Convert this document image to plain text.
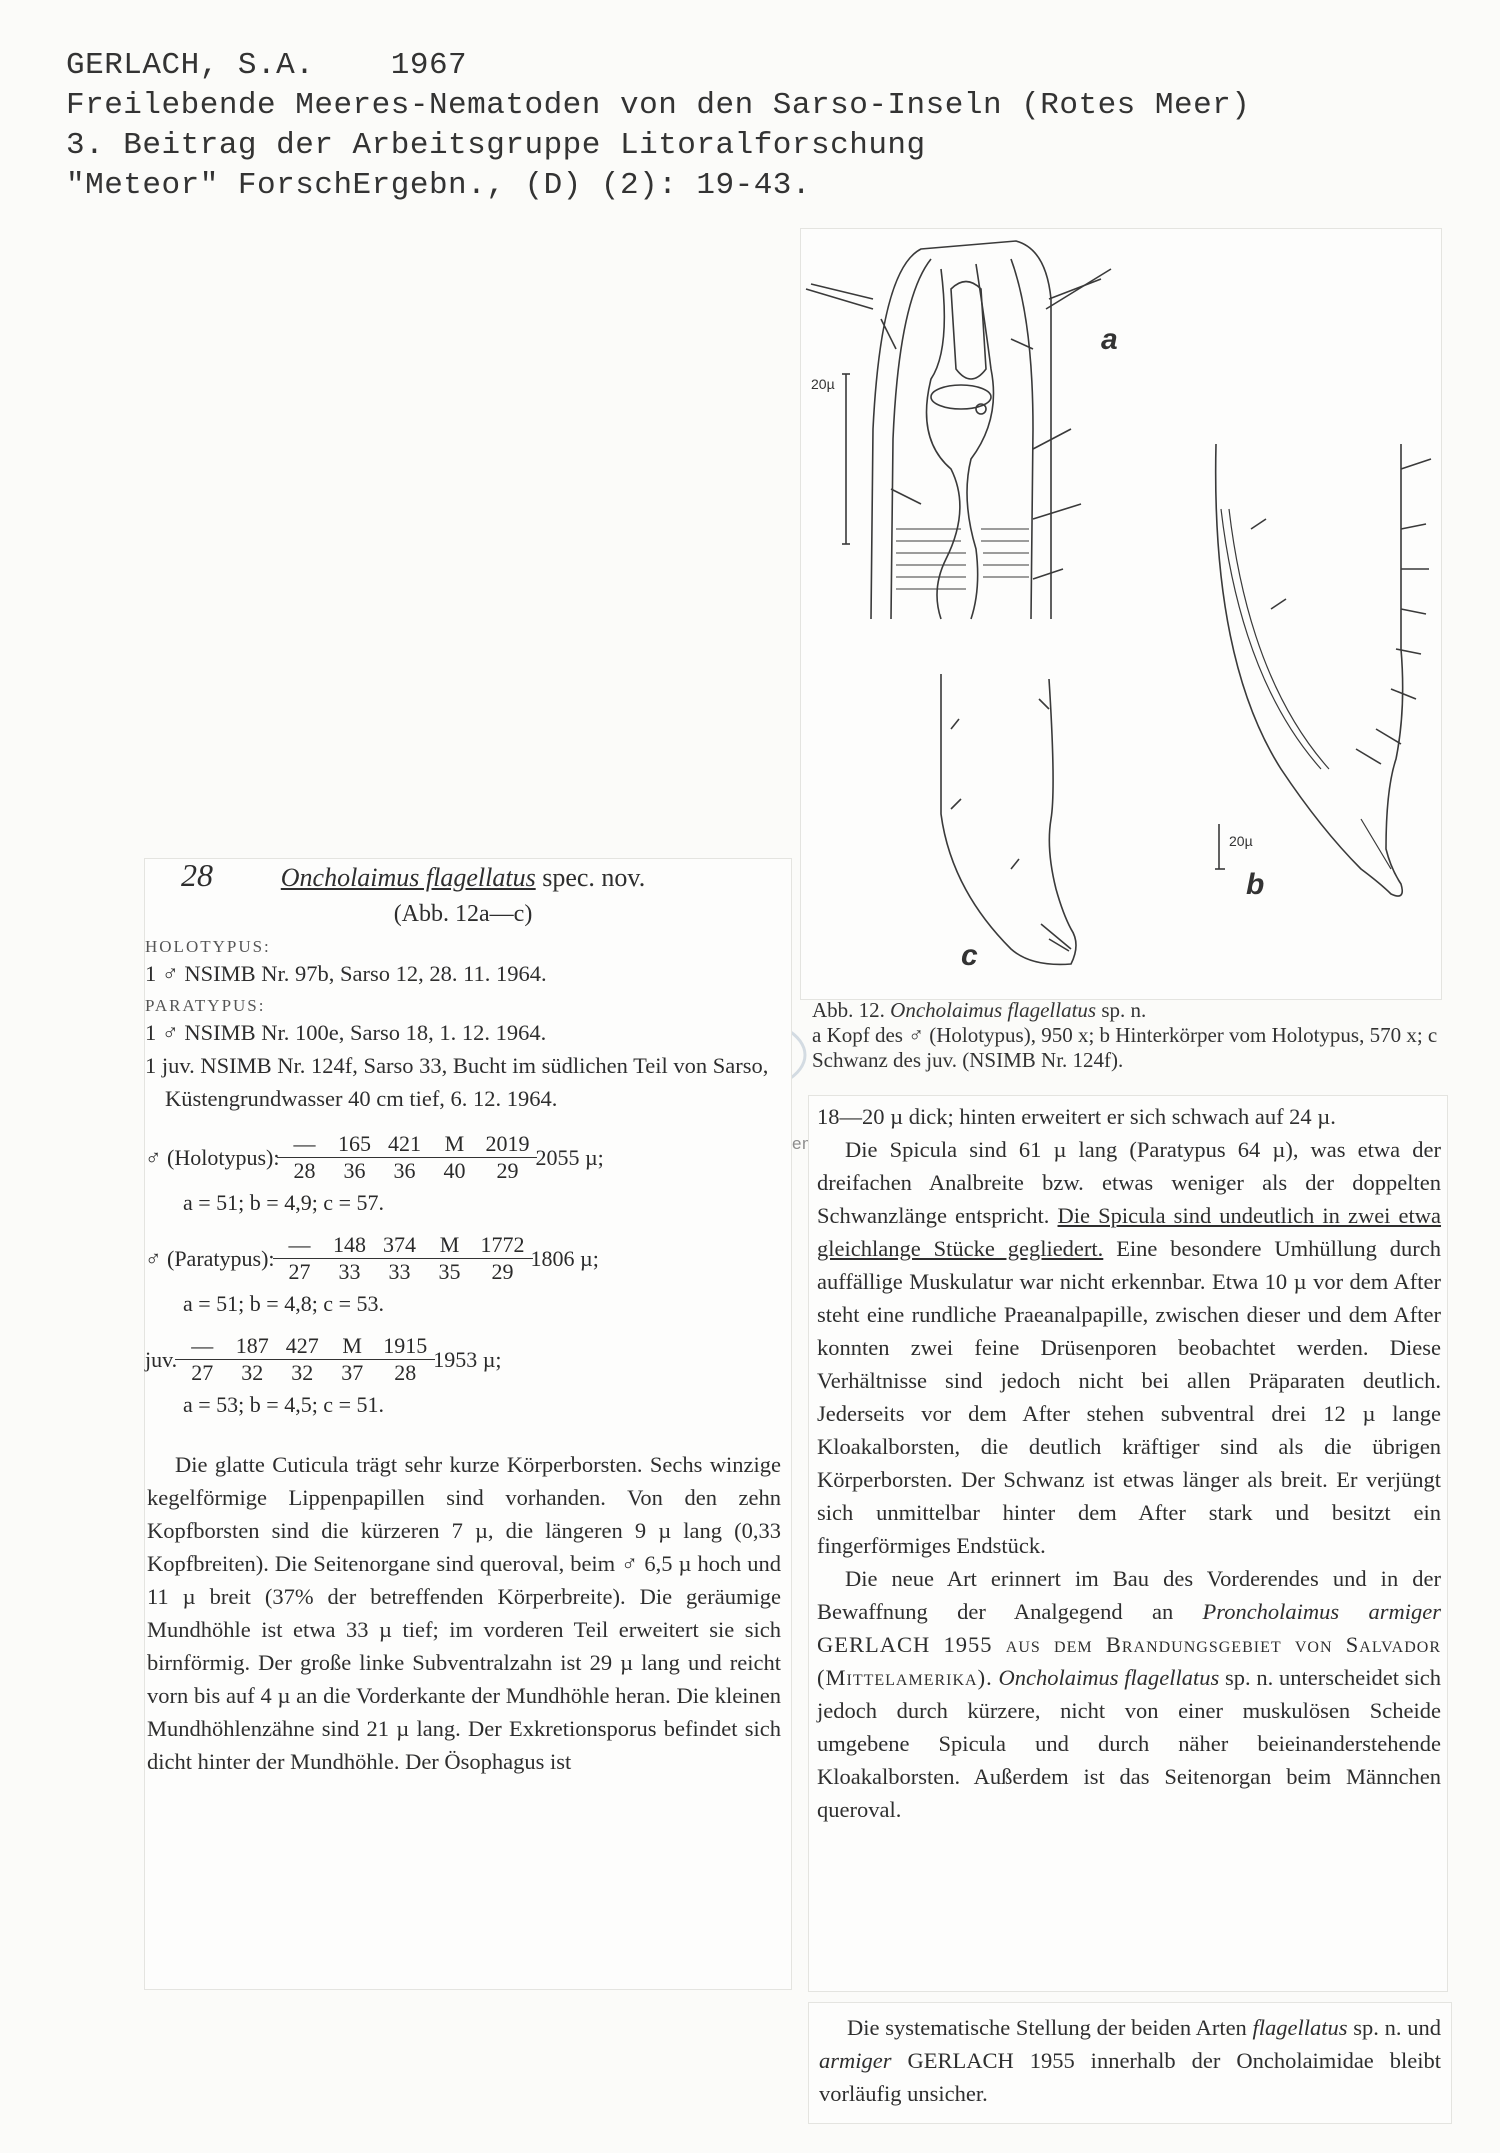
GERLACH, S.A.    1967
Freilebende Meeres-Nematoden von den Sarso-Inseln (Rotes Meer)
3. Beitrag der Arbeitsgruppe Litoralforschung
"Meteor" ForschErgebn., (D) (2): 19-43.
a
b
c
20µ
20µ
Abb. 12. Oncholaimus flagellatus sp. n.
a Kopf des ♂ (Holotypus), 950 x; b Hinterkörper vom Holotypus, 570 x; c Schwanz des juv. (NSIMB Nr. 124f).
28	Oncholaimus flagellatus spec. nov.
(Abb. 12a—c)
HOLOTYPUS:
1 ♂ NSIMB Nr. 97b, Sarso 12, 28. 11. 1964.
PARATYPUS:
1 ♂ NSIMB Nr. 100e, Sarso 18, 1. 12. 1964.
1 juv. NSIMB Nr. 124f, Sarso 33, Bucht im südlichen Teil von Sarso, Küstengrundwasser 40 cm tief, 6. 12. 1964.
♂ (Holotypus): $\frac{—}{28} \frac{165}{36} \frac{421}{36} \frac{M}{40} \frac{2019}{29} 2055$ µ;
a = 51; b = 4,9; c = 57.
♂ (Paratypus): $\frac{—}{27} \frac{148}{33} \frac{374}{33} \frac{M}{35} \frac{1772}{29} 1806$ µ;
a = 51; b = 4,8; c = 53.
juv. $\frac{—}{27} \frac{187}{32} \frac{427}{32} \frac{M}{37} \frac{1915}{28} 1953$ µ;
a = 53; b = 4,5; c = 51.
Die glatte Cuticula trägt sehr kurze Körperborsten. Sechs winzige kegelförmige Lippenpapillen sind vorhanden. Von den zehn Kopfborsten sind die kürzeren 7 µ, die längeren 9 µ lang (0,33 Kopfbreiten). Die Seitenorgane sind queroval, beim ♂ 6,5 µ hoch und 11 µ breit (37% der betreffenden Körperbreite). Die geräumige Mundhöhle ist etwa 33 µ tief; im vorderen Teil erweitert sie sich birnförmig. Der große linke Subventralzahn ist 29 µ lang und reicht vorn bis auf 4 µ an die Vorderkante der Mundhöhle heran. Die kleinen Mundhöhlenzähne sind 21 µ lang. Der Exkretionsporus befindet sich dicht hinter der Mundhöhle. Der Ösophagus ist
18—20 µ dick; hinten erweitert er sich schwach auf 24 µ.
Die Spicula sind 61 µ lang (Paratypus 64 µ), was etwa der dreifachen Analbreite bzw. etwas weniger als der doppelten Schwanzlänge entspricht. Die Spicula sind undeutlich in zwei etwa gleichlange Stücke gegliedert. Eine besondere Umhüllung durch auffällige Muskulatur war nicht erkennbar. Etwa 10 µ vor dem After steht eine rundliche Praeanalpapille, zwischen dieser und dem After konnten zwei feine Drüsenporen beobachtet werden. Diese Verhältnisse sind jedoch nicht bei allen Präparaten deutlich. Jederseits vor dem After stehen subventral drei 12 µ lange Kloakalborsten, die deutlich kräftiger sind als die übrigen Körperborsten. Der Schwanz ist etwas länger als breit. Er verjüngt sich unmittelbar hinter dem After stark und besitzt ein fingerförmiges Endstück.
Die neue Art erinnert im Bau des Vorderendes und in der Bewaffnung der Analgegend an Proncholaimus armiger GERLACH 1955 aus dem Brandungsgebiet von Salvador (Mittelamerika). Oncholaimus flagellatus sp. n. unterscheidet sich jedoch durch kürzere, nicht von einer muskulösen Scheide umgebene Spicula und durch näher beieinanderstehende Kloakalborsten. Außerdem ist das Seitenorgan beim Männchen queroval.
Die systematische Stellung der beiden Arten flagellatus sp. n. und armiger GERLACH 1955 innerhalb der Oncholaimidae bleibt vorläufig unsicher.
